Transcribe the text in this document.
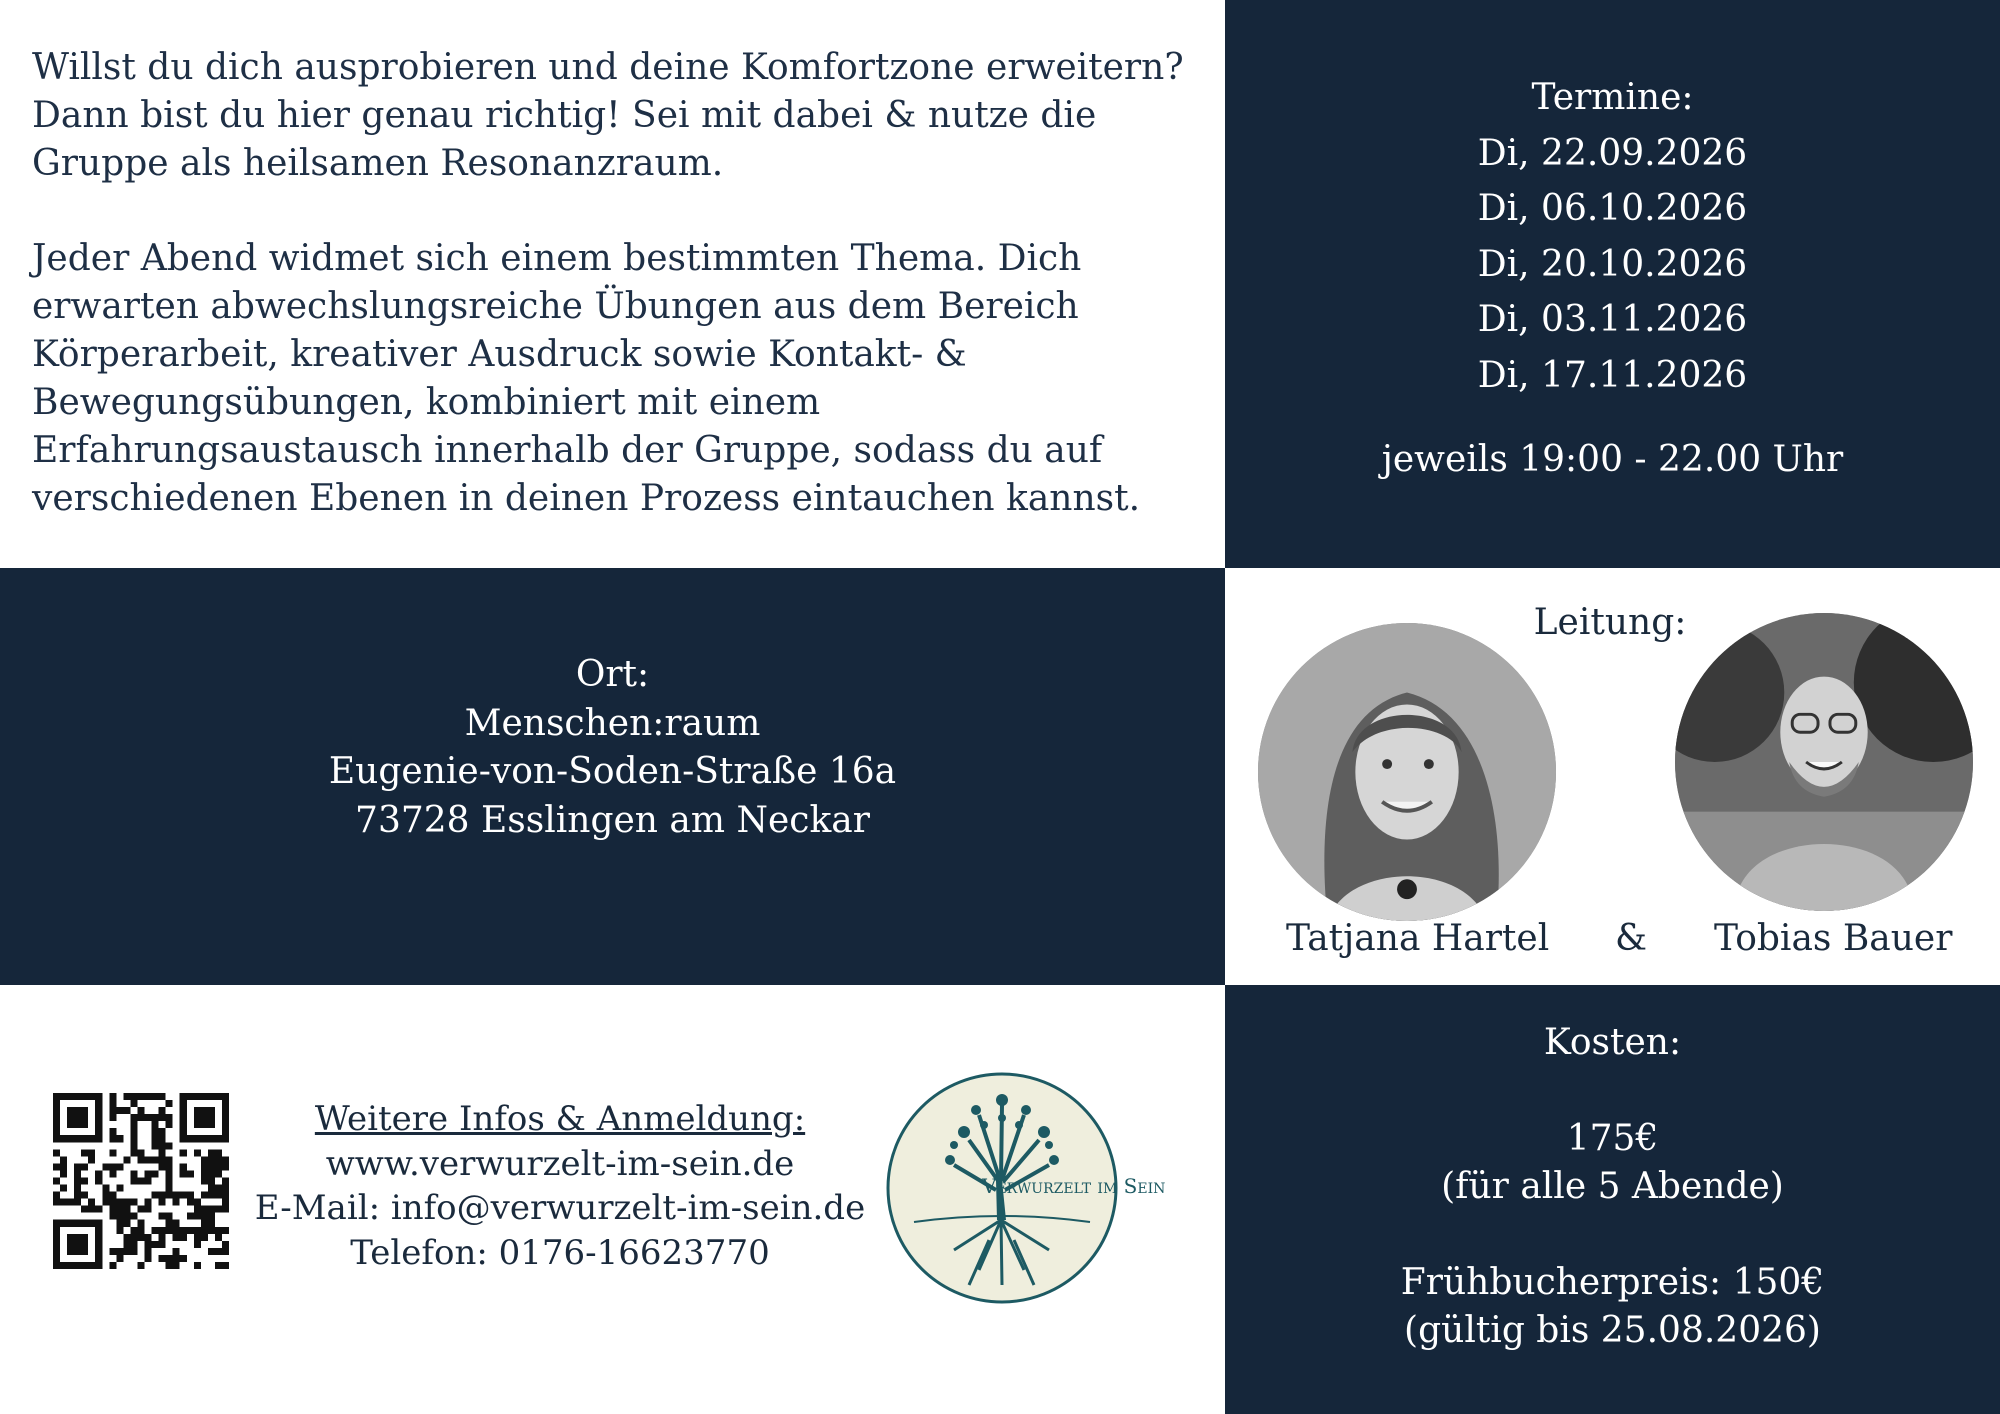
Willst du dich ausprobieren und deine Komfortzone erweitern?
Dann bist du hier genau richtig! Sei mit dabei & nutze die
Gruppe als heilsamen Resonanzraum.

Jeder Abend widmet sich einem bestimmten Thema. Dich
erwarten abwechslungsreiche Übungen aus dem Bereich
Körperarbeit, kreativer Ausdruck sowie Kontakt- &
Bewegungsübungen, kombiniert mit einem
Erfahrungsaustausch innerhalb der Gruppe, sodass du auf
verschiedenen Ebenen in deinen Prozess eintauchen kannst.

Termine:
Di, 22.09.2026
Di, 06.10.2026
Di, 20.10.2026
Di, 03.11.2026
Di, 17.11.2026
jeweils 19:00 - 22.00 Uhr
Ort:
Menschen:raum
Eugenie-von-Soden-Straße 16a
73728 Esslingen am Neckar
Leitung:
Tatjana Hartel & Tobias Bauer
Weitere Infos & Anmeldung:
www.verwurzelt-im-sein.de
E-Mail: info@verwurzelt-im-sein.de
Telefon: 0176-16623770
Verwurzelt im Sein
Kosten:
175€
(für alle 5 Abende)
Frühbucherpreis: 150€
(gültig bis 25.08.2026)
